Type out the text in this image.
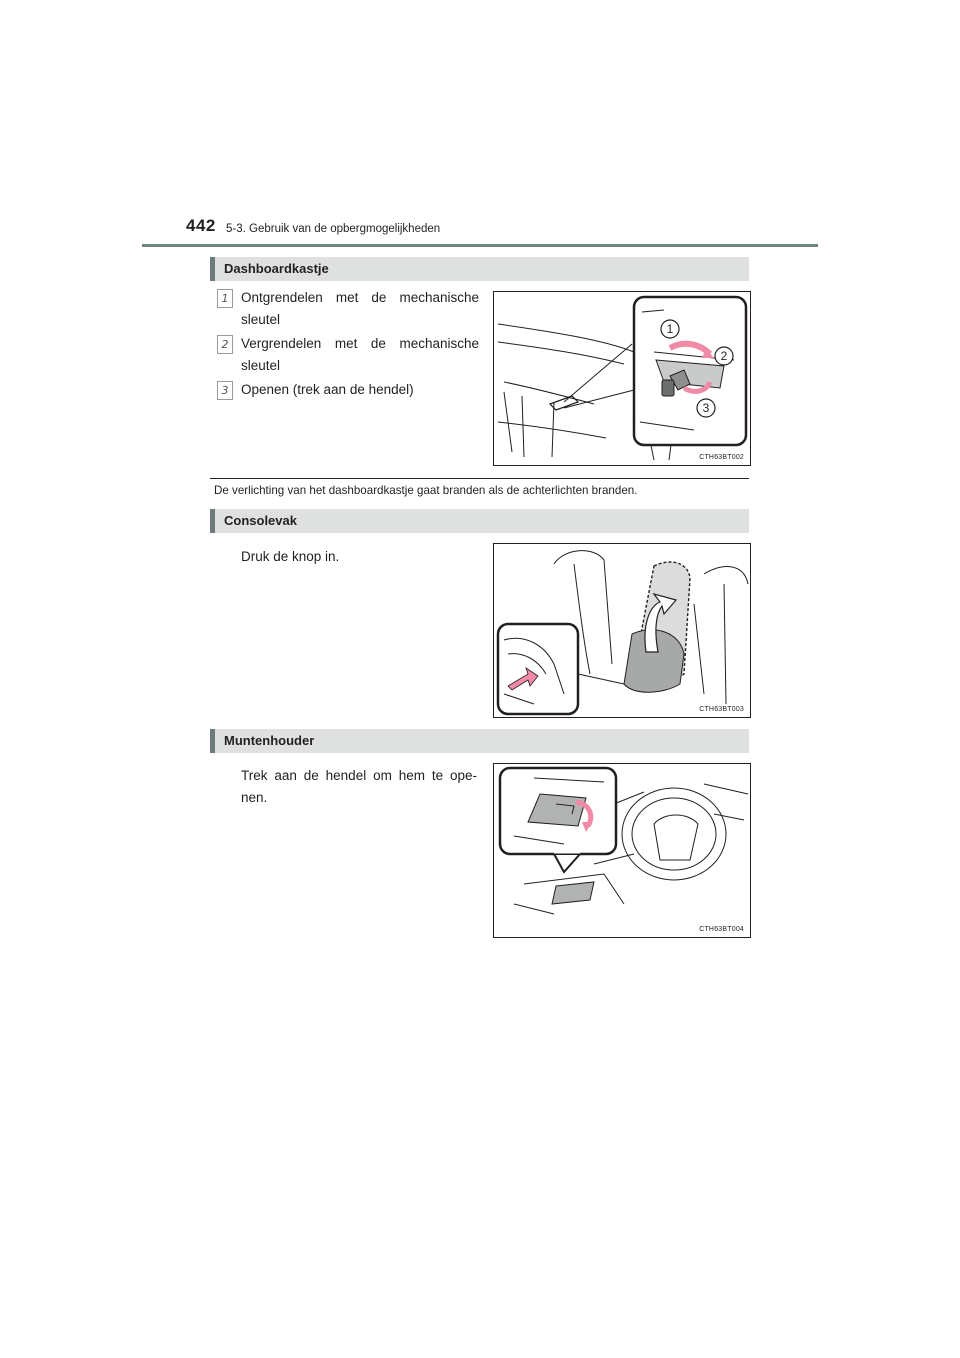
442 5-3. Gebruik van de opbergmogelijkheden
Dashboardkastje
1 Ontgrendelen met de mechanische sleutel
2 Vergrendelen met de mechanische sleutel
3 Openen (trek aan de hendel)
1
2
3
CTH63BT002
De verlichting van het dashboardkastje gaat branden als de achterlichten branden.
Consolevak
Druk de knop in.
CTH63BT003
Muntenhouder
Trek aan de hendel om hem te ope-nen.
CTH63BT004
